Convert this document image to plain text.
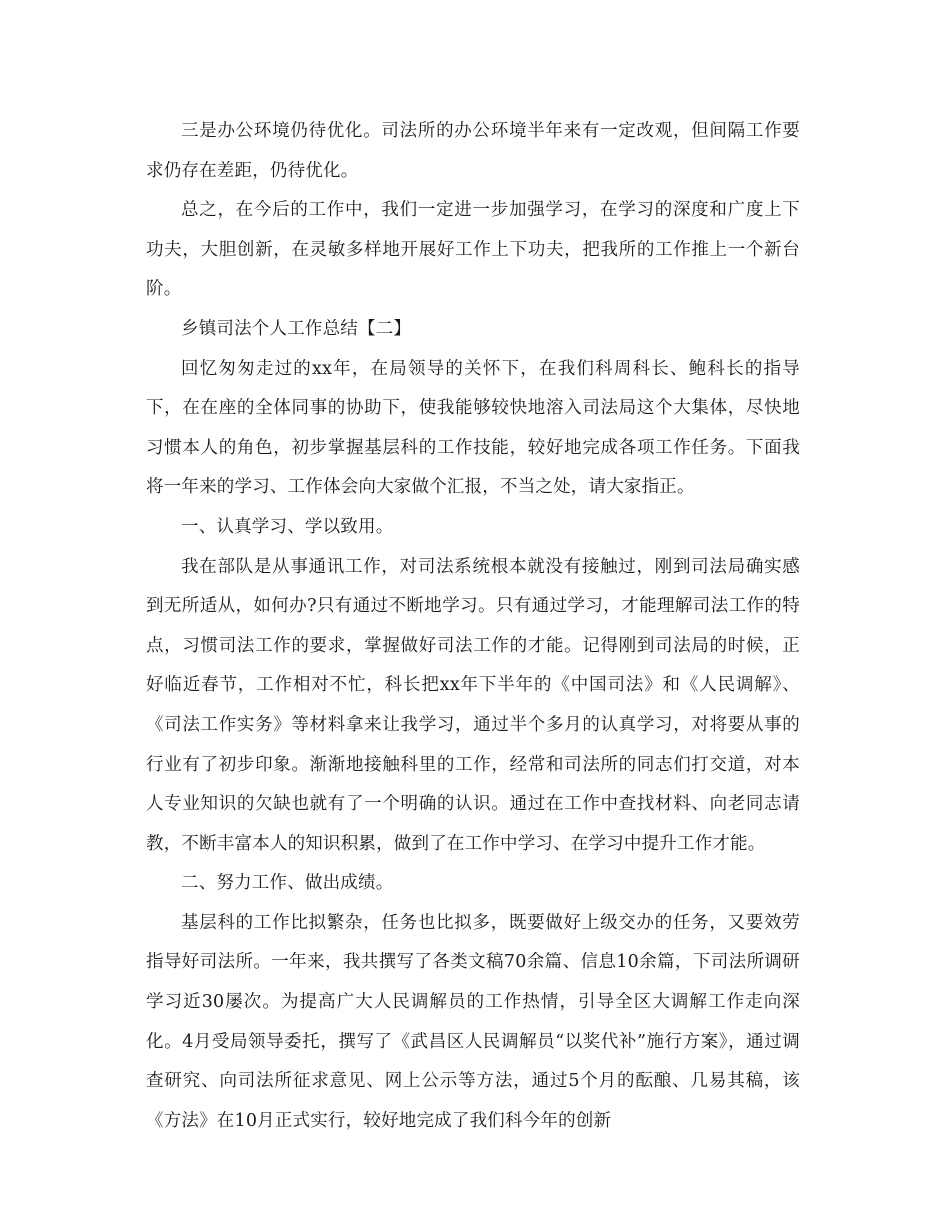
三是办公环境仍待优化。司法所的办公环境半年来有一定改观，但间隔工作要求仍存在差距，仍待优化。

总之，在今后的工作中，我们一定进一步加强学习，在学习的深度和广度上下功夫，大胆创新，在灵敏多样地开展好工作上下功夫，把我所的工作推上一个新台阶。

乡镇司法个人工作总结【二】

回忆匆匆走过的xx年，在局领导的关怀下，在我们科周科长、鲍科长的指导下，在在座的全体同事的协助下，使我能够较快地溶入司法局这个大集体，尽快地习惯本人的角色，初步掌握基层科的工作技能，较好地完成各项工作任务。下面我将一年来的学习、工作体会向大家做个汇报，不当之处，请大家指正。

一、认真学习、学以致用。

我在部队是从事通讯工作，对司法系统根本就没有接触过，刚到司法局确实感到无所适从，如何办?只有通过不断地学习。只有通过学习，才能理解司法工作的特点，习惯司法工作的要求，掌握做好司法工作的才能。记得刚到司法局的时候，正好临近春节，工作相对不忙，科长把xx年下半年的《中国司法》和《人民调解》、《司法工作实务》等材料拿来让我学习，通过半个多月的认真学习，对将要从事的行业有了初步印象。渐渐地接触科里的工作，经常和司法所的同志们打交道，对本人专业知识的欠缺也就有了一个明确的认识。通过在工作中查找材料、向老同志请教，不断丰富本人的知识积累，做到了在工作中学习、在学习中提升工作才能。

二、努力工作、做出成绩。

基层科的工作比拟繁杂，任务也比拟多，既要做好上级交办的任务，又要效劳指导好司法所。一年来，我共撰写了各类文稿70余篇、信息10余篇，下司法所调研学习近30屡次。为提高广大人民调解员的工作热情，引导全区大调解工作走向深化。4月受局领导委托，撰写了《武昌区人民调解员“以奖代补”施行方案》，通过调查研究、向司法所征求意见、网上公示等方法，通过5个月的酝酿、几易其稿，该《方法》在10月正式实行，较好地完成了我们科今年的创新
